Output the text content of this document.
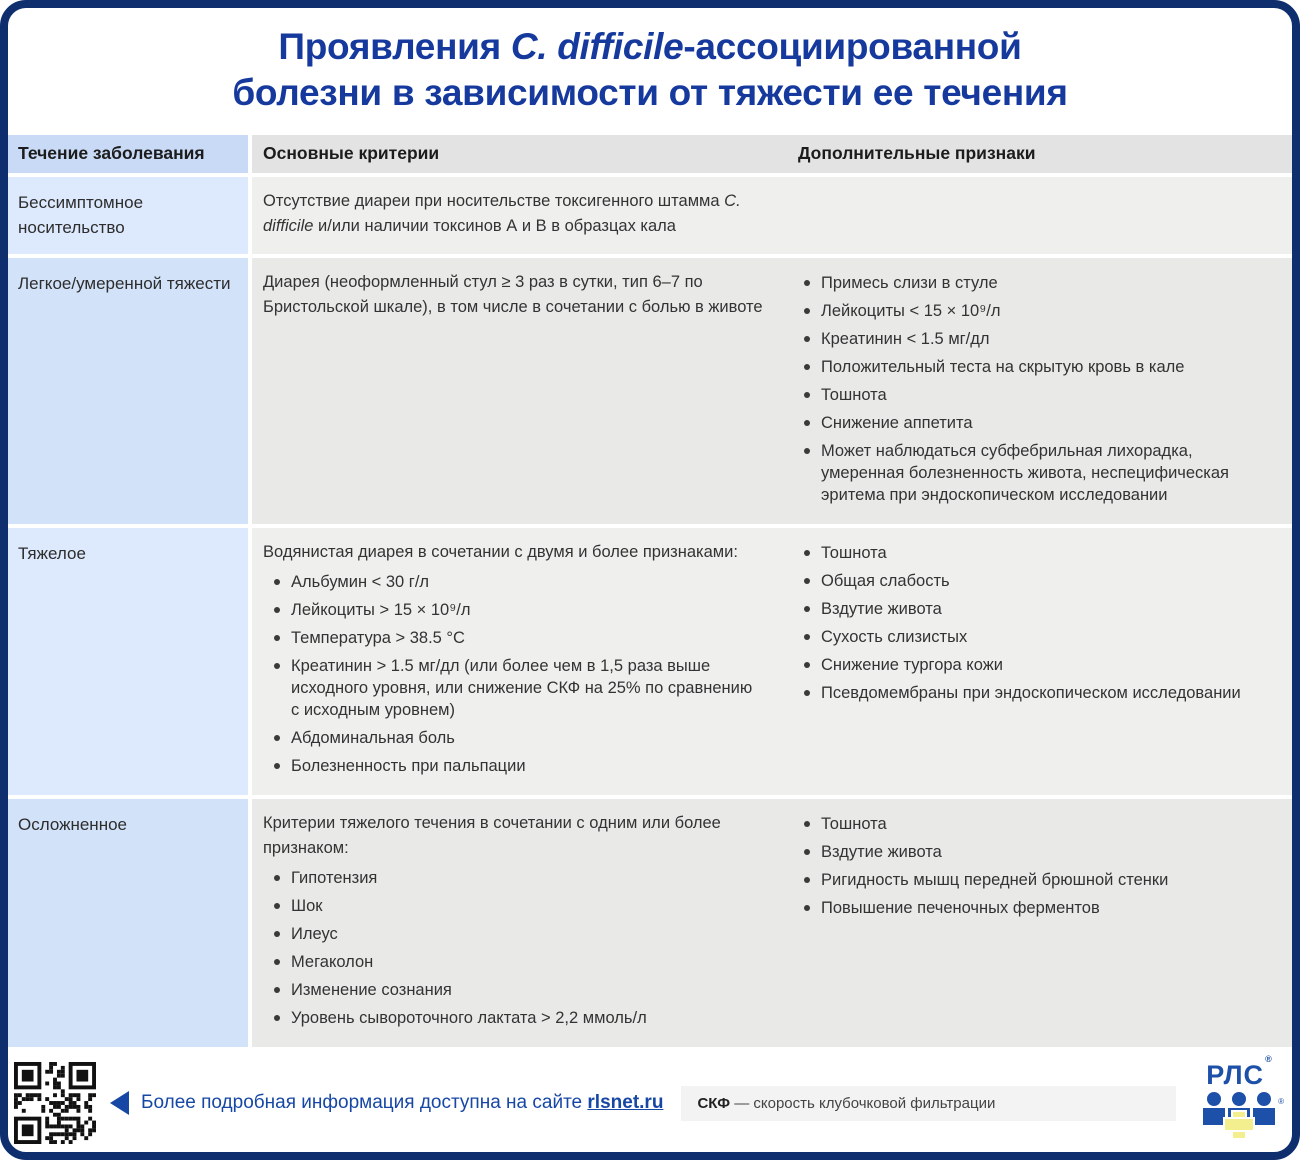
Проявления C. difficile-ассоциированной
болезни в зависимости от тяжести ее течения
Течение заболевания	Основные критерии	Дополнительные признаки
Бессимптомное носительство

Отсутствие диареи при носительстве токсигенного штамма C. difficile и/или наличии токсинов А и В в образцах кала

Легкое/умеренной тяжести	Диарея (неоформленный стул ≥ 3 раз в сутки, тип 6–7 по Бристольской шкале), в том числе в сочетании с болью в животе

Примесь слизи в стуле
Лейкоциты < 15 × 10⁹/л
Креатинин < 1.5 мг/дл
Положительный теста на скрытую кровь в кале
Тошнота
Снижение аппетита
Может наблюдаться субфебрильная лихорадка, умеренная болезненность живота, неспецифическая эритема при эндоскопическом исследовании
Тяжелое	Водянистая диарея в сочетании с двумя и более признаками:

Альбумин < 30 г/л
Лейкоциты > 15 × 10⁹/л
Температура > 38.5 °C
Креатинин > 1.5 мг/дл (или более чем в 1,5 раза выше исходного уровня, или снижение СКФ на 25% по сравнению с исходным уровнем)
Абдоминальная боль
Болезненность при пальпации
Тошнота
Общая слабость
Вздутие живота
Сухость слизистых
Снижение тургора кожи
Псевдомембраны при эндоскопическом исследовании
Осложненное	Критерии тяжелого течения в сочетании с одним или более признаком:

Гипотензия
Шок
Илеус
Мегаколон
Изменение сознания
Уровень сывороточного лактата > 2,2 ммоль/л
Тошнота
Вздутие живота
Ригидность мышц передней брюшной стенки
Повышение печеночных ферментов
Более подробная информация доступна на сайте rlsnet.ru	СКФ — скорость клубочковой фильтрации
РЛС®
®
